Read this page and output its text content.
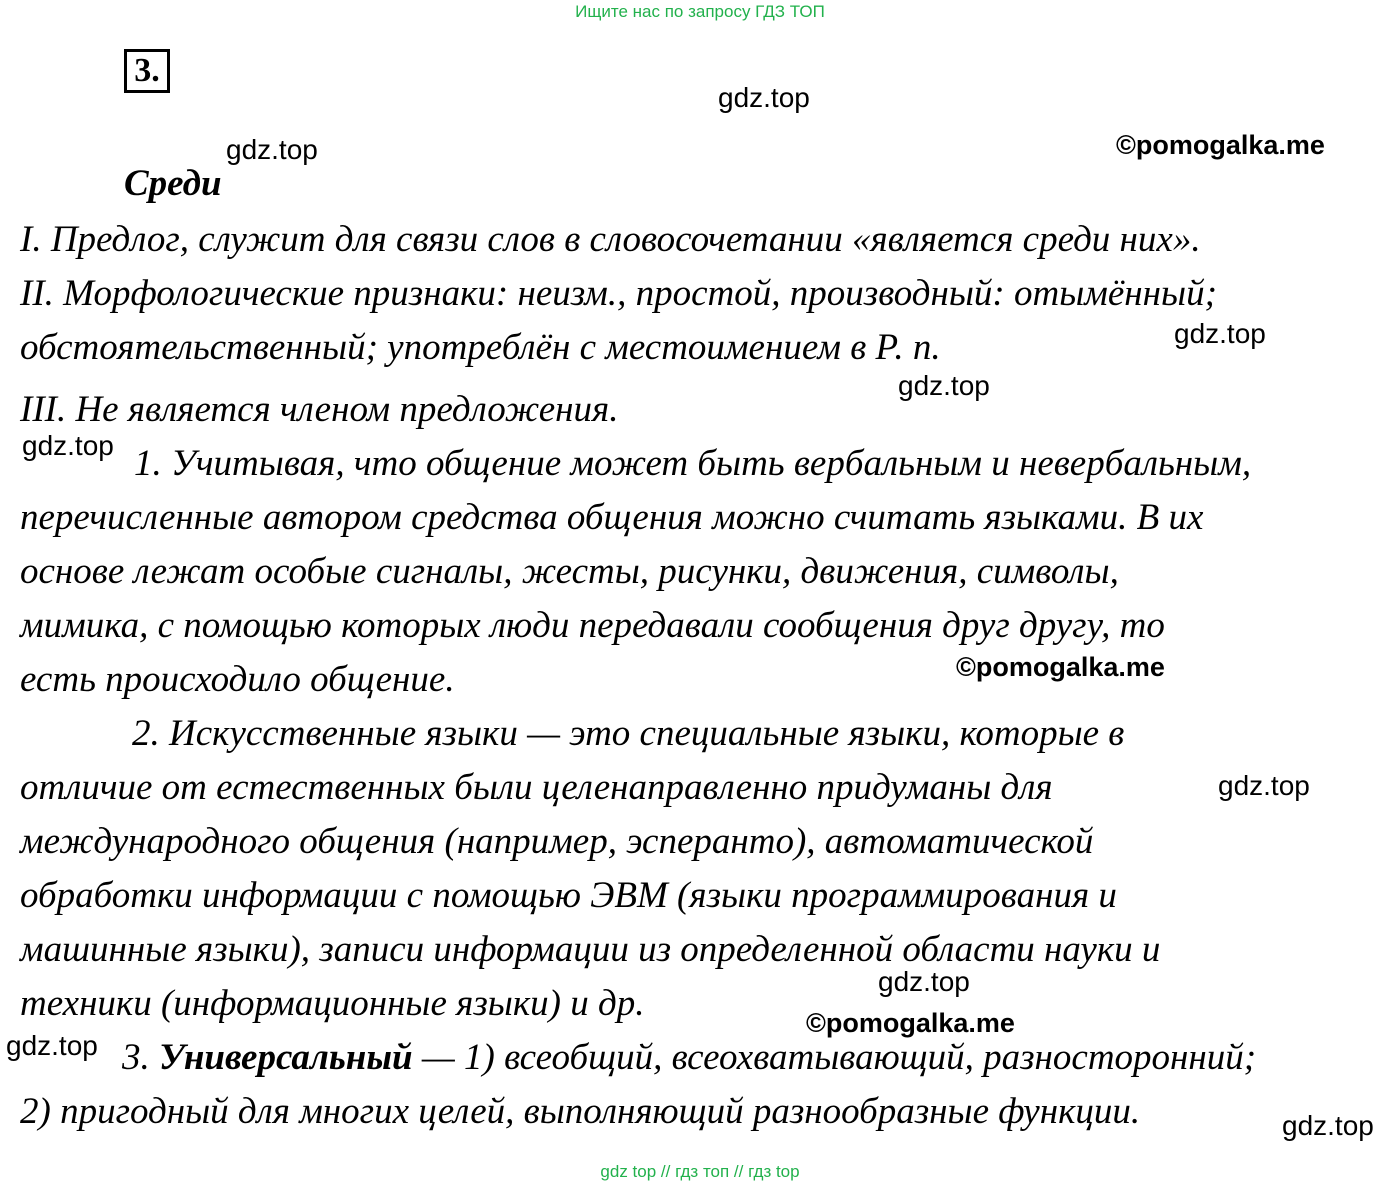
Ищите нас по запросу ГДЗ ТОП
3.
gdz.top
gdz.top	©pomogalka.me
gdz.top
gdz.top
gdz.top
©pomogalka.me
gdz.top
gdz.top
©pomogalka.me
gdz.top
gdz.top
Среди
I. Предлог, служит для связи слов в словосочетании «является среди них».
II. Морфологические признаки: неизм., простой, производный: отымённый;
обстоятельственный; употреблён с местоимением в Р. п.
III. Не является членом предложения.
1. Учитывая, что общение может быть вербальным и невербальным,
перечисленные автором средства общения можно считать языками. В их
основе лежат особые сигналы, жесты, рисунки, движения, символы,
мимика, с помощью которых люди передавали сообщения друг другу, то
есть происходило общение.
2. Искусственные языки — это специальные языки, которые в
отличие от естественных были целенаправленно придуманы для
международного общения (например, эсперанто), автоматической
обработки информации с помощью ЭВМ (языки программирования и
машинные языки), записи информации из определенной области науки и
техники (информационные языки) и др.
3. Универсальный — 1) всеобщий, всеохватывающий, разносторонний;
2) пригодный для многих целей, выполняющий разнообразные функции.
gdz top // гдз топ // гдз top
